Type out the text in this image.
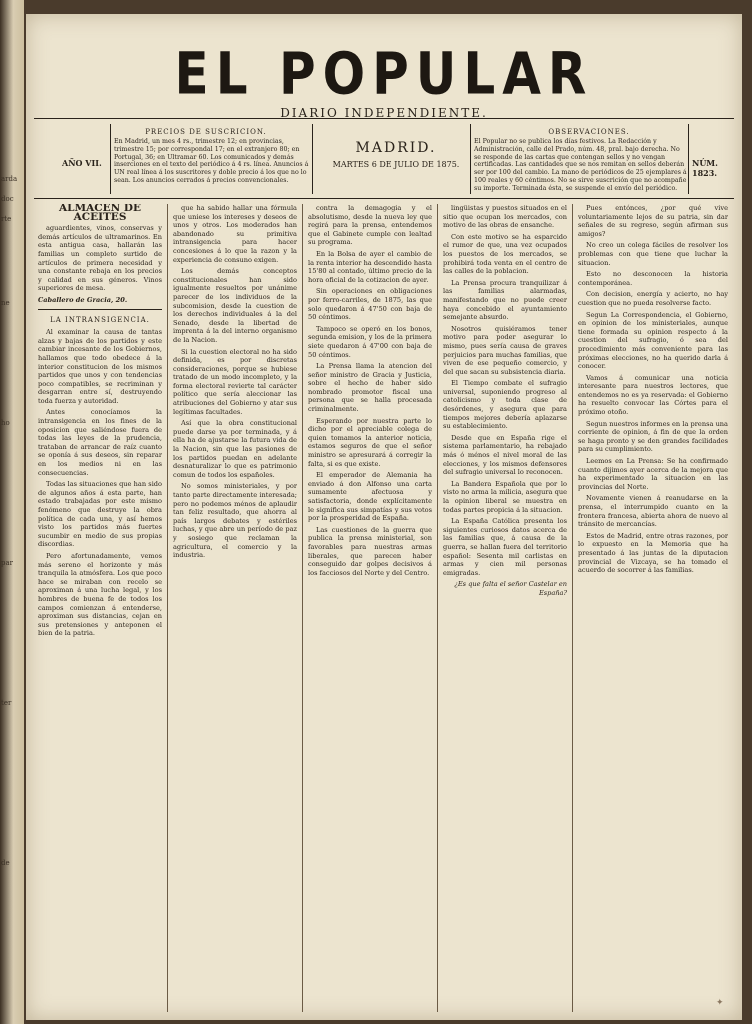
arda
doc
rte
ne
ho
par
ter
de
EL POPULAR
DIARIO INDEPENDIENTE.
AÑO VII.
PRECIOS DE SUSCRICION.
En Madrid, un mes 4 rs., trimestre 12; en provincias, trimestre 15; por correspondal 17; en el extranjero 80; en Portugal, 36; en Ultramar 60. Los comunicados y demás inserciones en el texto del periódico á 4 rs. línea. Anuncios á UN real línea á los suscritores y doble precio á los que no lo sean. Los anuncios cerrados á precios convencionales.
MADRID.
MARTES 6 DE JULIO DE 1875.
OBSERVACIONES.
El Popular no se publica los días festivos. La Redacción y Administración, calle del Prado, núm. 48, pral. bajo derecha. No se responde de las cartas que contengan sellos y no vengan certificadas. Las cantidades que se nos remitan en sellos deberán ser por 100 del cambio. La mano de periódicos de 25 ejemplares á 100 reales y 60 céntimos. No se sirve suscrición que no acompañe su importe. Terminada ésta, se suspende el envío del periódico.
NÚM. 1823.

ALMACEN DE ACEITES

aguardientes, vinos, conservas y demás artículos de ultramarinos. En esta antigua casa, hallarán las familias un completo surtido de artículos de primera necesidad y una constante rebaja en los precios y calidad en sus géneros. Vinos superiores de mesa.

Caballero de Gracia, 20.

LA INTRANSIGENCIA.

Al examinar la causa de tantas alzas y bajas de los partidos y este cambiar incesante de los Gobiernos, hallamos que todo obedece á la interior constitucion de los mismos partidos que unos y con tendencias poco compatibles, se recriminan y desgarran entre sí, destruyendo toda fuerza y autoridad.

Antes conocíamos la intransigencia en los fines de la oposicion que saliéndose fuera de todas las leyes de la prudencia, trataban de arrancar de raíz cuanto se oponía á sus deseos, sin reparar en los medios ni en las consecuencias.

Todas las situaciones que han sido de algunos años á esta parte, han estado trabajadas por este mismo fenómeno que destruye la obra política de cada una, y así hemos visto los partidos más fuertes sucumbir en medio de sus propias discordias.

Pero afortunadamente, vemos más sereno el horizonte y más tranquila la atmósfera. Los que poco hace se miraban con recelo se aproximan á una lucha legal, y los hombres de buena fe de todos los campos comienzan á entenderse, aproximan sus distancias, cejan en sus pretensiones y anteponen el bien de la patria.

que ha sabido hallar una fórmula que uniese los intereses y deseos de unos y otros. Los moderados han abandonado su primitiva intransigencia para hacer concesiones á lo que la razon y la experiencia de consuno exigen.

Los demás conceptos constitucionales han sido igualmente resueltos por unánime parecer de los individuos de la subcomision, desde la cuestion de los derechos individuales á la del Senado, desde la libertad de imprenta á la del interno organismo de la Nacion.

Si la cuestion electoral no ha sido definida, es por discretas consideraciones, porque se hubiese tratado de un modo incompleto, y la forma electoral revierte tal carácter político que sería aleccionar las atribuciones del Gobierno y atar sus legítimas facultades.

Así que la obra constitucional puede darse ya por terminada, y á ella ha de ajustarse la futura vida de la Nacion, sin que las pasiones de los partidos puedan en adelante desnaturalizar lo que es patrimonio comun de todos los españoles.

No somos ministeriales, y por tanto parte directamente interesada; pero no podemos ménos de aplaudir tan feliz resultado, que ahorra al país largos debates y estériles luchas, y que abre un período de paz y sosiego que reclaman la agricultura, el comercio y la industria.

contra la demagogia y el absolutismo, desde la nueva ley que regirá para la prensa, entendemos que el Gabinete cumple con lealtad su programa.

En la Bolsa de ayer el cambio de la renta interior ha descendido hasta 15'80 al contado, último precio de la hora oficial de la cotizacion de ayer.

Sin operaciones en obligaciones por ferro-carriles, de 1875, las que solo quedaron á 47'50 con baja de 50 céntimos.

Tampoco se operó en los bonos, segunda emision, y los de la primera siete quedaron á 47'00 con baja de 50 céntimos.

La Prensa llama la atencion del señor ministro de Gracia y Justicia, sobre el hecho de haber sido nombrado promotor fiscal una persona que se halla procesada criminalmente.

Esperando por nuestra parte lo dicho por el apreciable colega de quien tomamos la anterior noticia, estamos seguros de que el señor ministro se apresurará á corregir la falta, si es que existe.

El emperador de Alemania ha enviado á don Alfonso una carta sumamente afectuosa y satisfactoria, donde explícitamente le significa sus simpatías y sus votos por la prosperidad de España.

Las cuestiones de la guerra que publica la prensa ministerial, son favorables para nuestras armas liberales, que parecen haber conseguido dar golpes decisivos á los facciosos del Norte y del Centro.

lingüistas y puestos situados en el sitio que ocupan los mercados, con motivo de las obras de ensanche.

Con este motivo se ha esparcido el rumor de que, una vez ocupados los puestos de los mercados, se prohibirá toda venta en el centro de las calles de la poblacion.

La Prensa procura tranquilizar á las familias alarmadas, manifestando que no puede creer haya concebido el ayuntamiento semejante absurdo.

Nosotros quisiéramos tener motivo para poder asegurar lo mismo, pues sería causa de graves perjuicios para muchas familias, que viven de ese pequeño comercio, y del que sacan su subsistencia diaria.

El Tiempo combate el sufragio universal, suponiendo progreso al catolicismo y toda clase de desórdenes, y asegura que para tiempos mejores debería aplazarse su establecimiento.

Desde que en España rige el sistema parlamentario, ha rebajado más ó ménos el nivel moral de las elecciones, y los mismos defensores del sufragio universal lo reconocen.

La Bandera Española que por lo visto no arma la milicia, asegura que la opinion liberal se muestra en todas partes propicia á la situacion.

La España Católica presenta los siguientes curiosos datos acerca de las familias que, á causa de la guerra, se hallan fuera del territorio español: Sesenta mil carlistas en armas y cien mil personas emigradas.

¿Es que falta el señor Castelar en España?

Pues entónces, ¿por qué vive voluntariamente lejos de su patria, sin dar señales de su regreso, según afirman sus amigos?

No creo un colega fáciles de resolver los problemas con que tiene que luchar la situacion.

Esto no desconocen la historia contemporánea.

Con decision, energía y acierto, no hay cuestion que no pueda resolverse facto.

Segun La Correspondencia, el Gobierno, en opinion de los ministeriales, aunque tiene formada su opinion respecto á la cuestion del sufragio, ó sea del procedimiento más conveniente para las próximas elecciones, no ha querido darla á conocer.

Vamos á comunicar una noticia interesante para nuestros lectores, que entendemos no es ya reservada: el Gobierno ha resuelto convocar las Córtes para el próximo otoño.

Segun nuestros informes en la prensa una corriente de opinion, á fin de que la orden se haga pronto y se den grandes facilidades para su cumplimiento.

Leemos en La Prensa: Se ha confirmado cuanto dijimos ayer acerca de la mejora que ha experimentado la situacion en las provincias del Norte.

Novamente vienen á reanudarse en la prensa, el interrumpido cuanto en la frontera francesa, abierta ahora de nuevo al tránsito de mercancías.

Estos de Madrid, entre otras razones, por lo expuesto en la Memoria que ha presentado á las juntas de la diputacion provincial de Vizcaya, se ha tomado el acuerdo de socorrer á las familias.

✦
